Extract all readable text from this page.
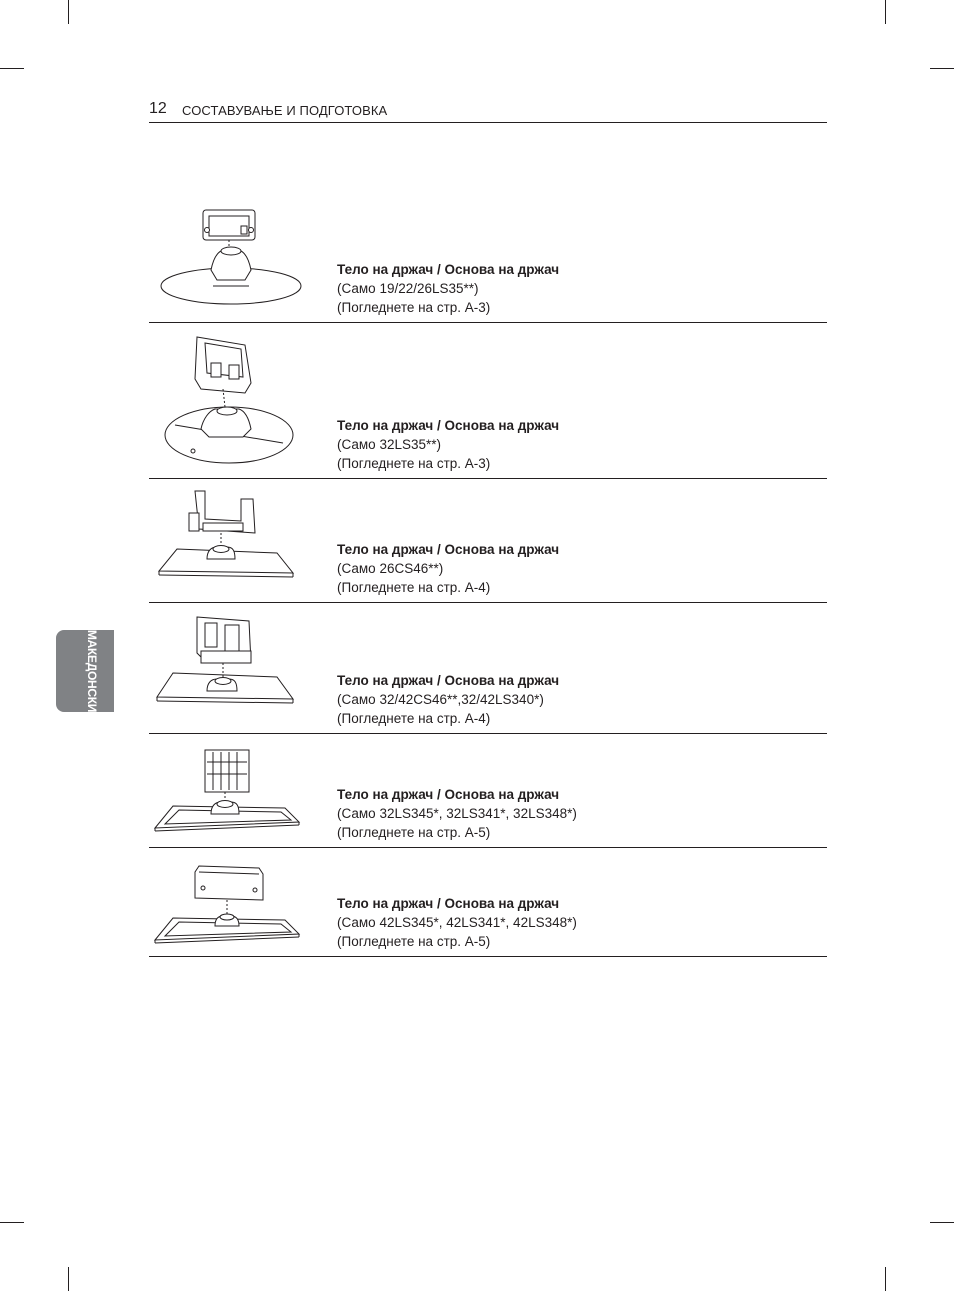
12 СОСТАВУВАЊЕ И ПОДГОТОВКА
МАКЕДОНСКИ
Тело на држач / Основа на држач
(Само 19/22/26LS35**)
(Погледнете на стр. A-3)
Тело на држач / Основа на држач
(Само 32LS35**)
(Погледнете на стр. A-3)
Тело на држач / Основа на држач
(Само 26CS46**)
(Погледнете на стр. A-4)
Тело на држач / Основа на држач
(Само 32/42CS46**,32/42LS340*)
(Погледнете на стр. A-4)
Тело на држач / Основа на држач
(Само 32LS345*, 32LS341*, 32LS348*)
(Погледнете на стр. A-5)
Тело на држач / Основа на држач
(Само 42LS345*, 42LS341*, 42LS348*)
(Погледнете на стр. A-5)
